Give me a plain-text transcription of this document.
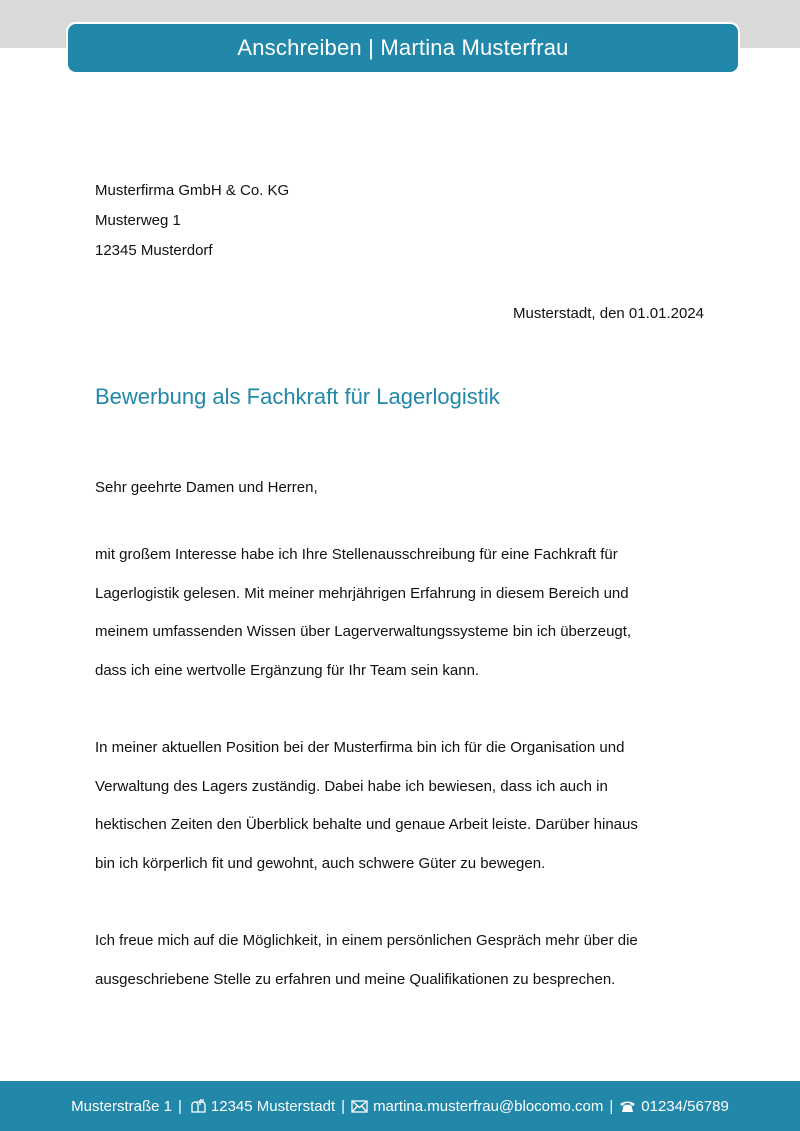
Anschreiben | Martina Musterfrau
Musterfirma GmbH & Co. KG
Musterweg 1
12345 Musterdorf
Musterstadt, den 01.01.2024
Bewerbung als Fachkraft für Lagerlogistik
Sehr geehrte Damen und Herren,
mit großem Interesse habe ich Ihre Stellenausschreibung für eine Fachkraft für
Lagerlogistik gelesen. Mit meiner mehrjährigen Erfahrung in diesem Bereich und
meinem umfassenden Wissen über Lagerverwaltungssysteme bin ich überzeugt,
dass ich eine wertvolle Ergänzung für Ihr Team sein kann.
In meiner aktuellen Position bei der Musterfirma bin ich für die Organisation und
Verwaltung des Lagers zuständig. Dabei habe ich bewiesen, dass ich auch in
hektischen Zeiten den Überblick behalte und genaue Arbeit leiste. Darüber hinaus
bin ich körperlich fit und gewohnt, auch schwere Güter zu bewegen.
Ich freue mich auf die Möglichkeit, in einem persönlichen Gespräch mehr über die
ausgeschriebene Stelle zu erfahren und meine Qualifikationen zu besprechen.
Musterstraße 1 | 12345 Musterstadt | martina.musterfrau@blocomo.com | 01234/56789
